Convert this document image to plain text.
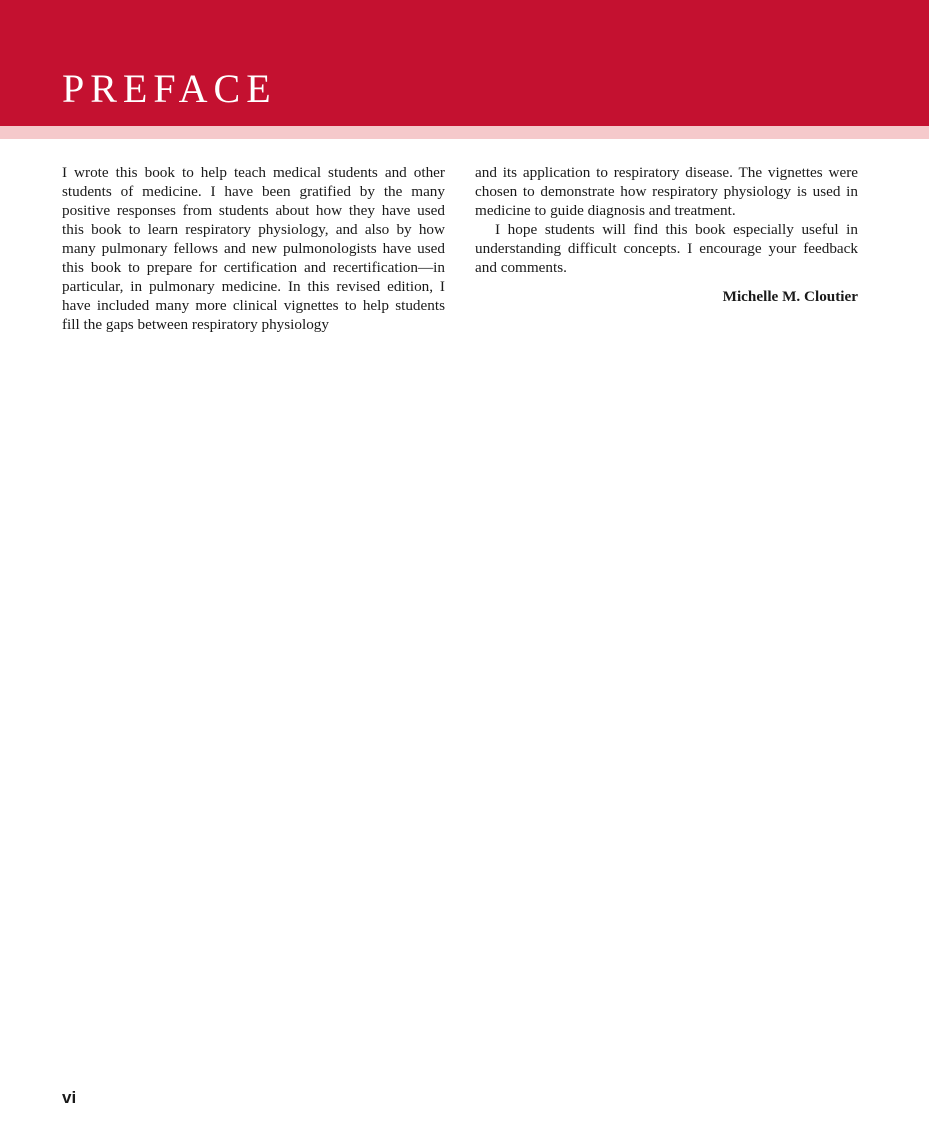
PREFACE

I wrote this book to help teach medical students and other students of medicine. I have been gratified by the many positive responses from students about how they have used this book to learn respiratory physiology, and also by how many pulmonary fellows and new pulmonologists have used this book to prepare for certification and recertification—in particular, in pulmonary medicine. In this revised edition, I have included many more clinical vignettes to help students fill the gaps between respiratory physiology

and its application to respiratory disease. The vignettes were chosen to demonstrate how respiratory physiology is used in medicine to guide diagnosis and treatment.

I hope students will find this book especially useful in understanding difficult concepts. I encourage your feedback and comments.

Michelle M. Cloutier

vi
